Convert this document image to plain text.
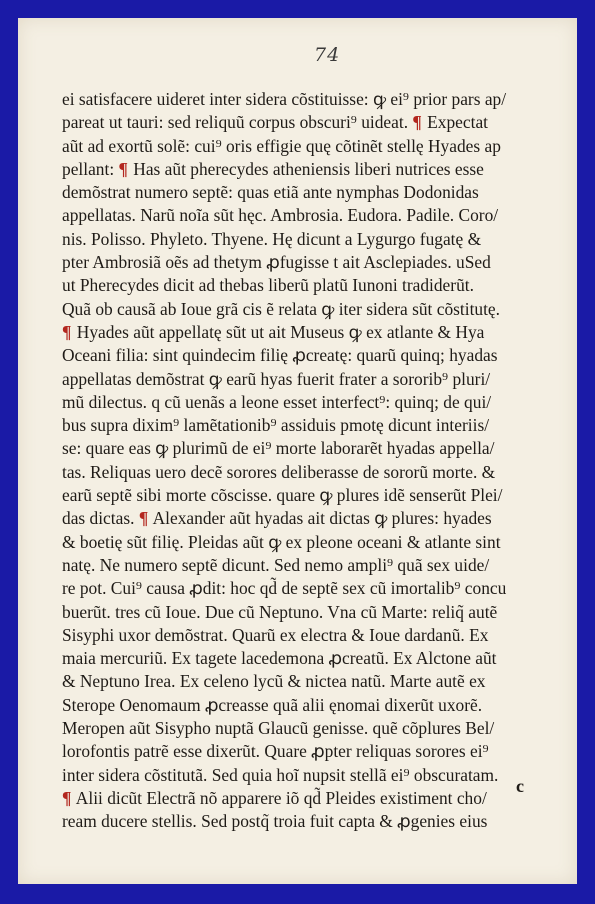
74
ei satisfacere uideret inter sidera cõstituisse: ꝙ ei⁹ prior pars ap/
pareat ut tauri: sed reliquũ corpus obscuri⁹ uideat. ¶ Expectat
aũt ad exortũ solẽ: cui⁹ oris effigie quę cõtinẽt stellę Hyades ap
pellant: ¶ Has aũt pherecydes atheniensis liberi nutrices esse
demõstrat numero septẽ: quas etiã ante nymphas Dodonidas
appellatas. Narũ noĩa sũt hęc. Ambrosia. Eudora. Padile. Coro/
nis. Polisso. Phyleto. Thyene. Hę dicunt a Lygurgo fugatę &
pter Ambrosiã oẽs ad thetym ꝓfugisse t ait Asclepiades. uSed
ut Pherecydes dicit ad thebas liberũ platũ Iunoni tradiderũt.
Quã ob causã ab Ioue grã cis ẽ relata ꝙ iter sidera sũt cõstitutę.
¶ Hyades aũt appellatę sũt ut ait Museus ꝙ ex atlante & Hya
Oceani filia: sint quindecim filię ꝓcreatę: quarũ quinq; hyadas
appellatas demõstrat ꝙ earũ hyas fuerit frater a sororib⁹ pluri/
mũ dilectus. q cũ uenãs a leone esset interfect⁹: quinq; de qui/
bus supra dixim⁹ lamẽtationib⁹ assiduis pmotę dicunt interiis/
se: quare eas ꝙ plurimũ de ei⁹ morte laborarẽt hyadas appella/
tas. Reliquas uero decẽ sorores deliberasse de sororũ morte. &
earũ septẽ sibi morte cõscisse. quare ꝙ plures idẽ senserũt Plei/
das dictas. ¶ Alexander aũt hyadas ait dictas ꝙ plures: hyades
& boetię sũt filię. Pleidas aũt ꝙ ex pleone oceani & atlante sint
natę. Ne numero septẽ dicunt. Sed nemo ampli⁹ quã sex uide/
re pot. Cui⁹ causa ꝓdit: hoc qd̃ de septẽ sex cũ imortalib⁹ concu
buerũt. tres cũ Ioue. Due cũ Neptuno. Vna cũ Marte: reliq̃ autẽ
Sisyphi uxor demõstrat. Quarũ ex electra & Ioue dardanũ. Ex
maia mercuriũ. Ex tagete lacedemona ꝓcreatũ. Ex Alctone aũt
& Neptuno Irea. Ex celeno lycũ & nictea natũ. Marte autẽ ex
Sterope Oenomaum ꝓcreasse quã alii ęnomai dixerũt uxorẽ.
Meropen aũt Sisypho nuptã Glaucũ genisse. quẽ cõplures Bel/
lorofontis patrẽ esse dixerũt. Quare ꝓpter reliquas sorores ei⁹
inter sidera cõstitutã. Sed quia hoĩ nupsit stellã ei⁹ obscuratam.
¶ Alii dicũt Electrã nõ apparere iõ qd̃ Pleides existiment cho/
ream ducere stellis. Sed postq̃ troia fuit capta & ꝓgenies eius
c
